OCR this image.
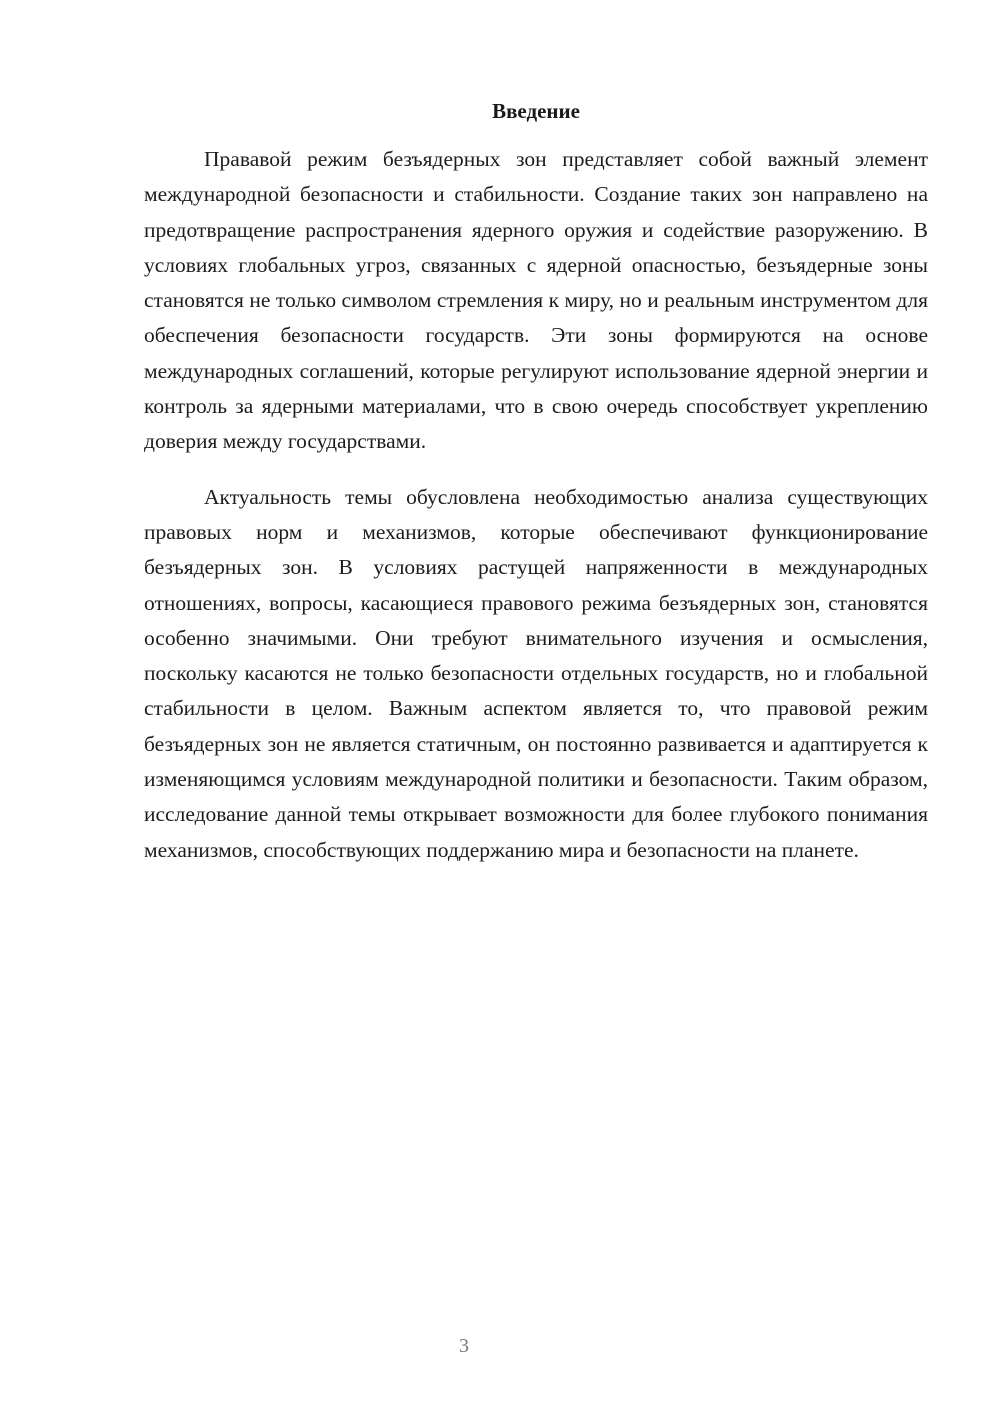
Введение

Прававой режим безъядерных зон представляет собой важный элемент международной безопасности и стабильности. Создание таких зон направлено на предотвращение распространения ядерного оружия и содействие разоружению. В условиях глобальных угроз, связанных с ядерной опасностью, безъядерные зоны становятся не только символом стремления к миру, но и реальным инструментом для обеспечения безопасности государств. Эти зоны формируются на основе международных соглашений, которые регулируют использование ядерной энергии и контроль за ядерными материалами, что в свою очередь способствует укреплению доверия между государствами.

Актуальность темы обусловлена необходимостью анализа существующих правовых норм и механизмов, которые обеспечивают функционирование безъядерных зон. В условиях растущей напряженности в международных отношениях, вопросы, касающиеся правового режима безъядерных зон, становятся особенно значимыми. Они требуют внимательного изучения и осмысления, поскольку касаются не только безопасности отдельных государств, но и глобальной стабильности в целом. Важным аспектом является то, что правовой режим безъядерных зон не является статичным, он постоянно развивается и адаптируется к изменяющимся условиям международной политики и безопасности. Таким образом, исследование данной темы открывает возможности для более глубокого понимания механизмов, способствующих поддержанию мира и безопасности на планете.

3
